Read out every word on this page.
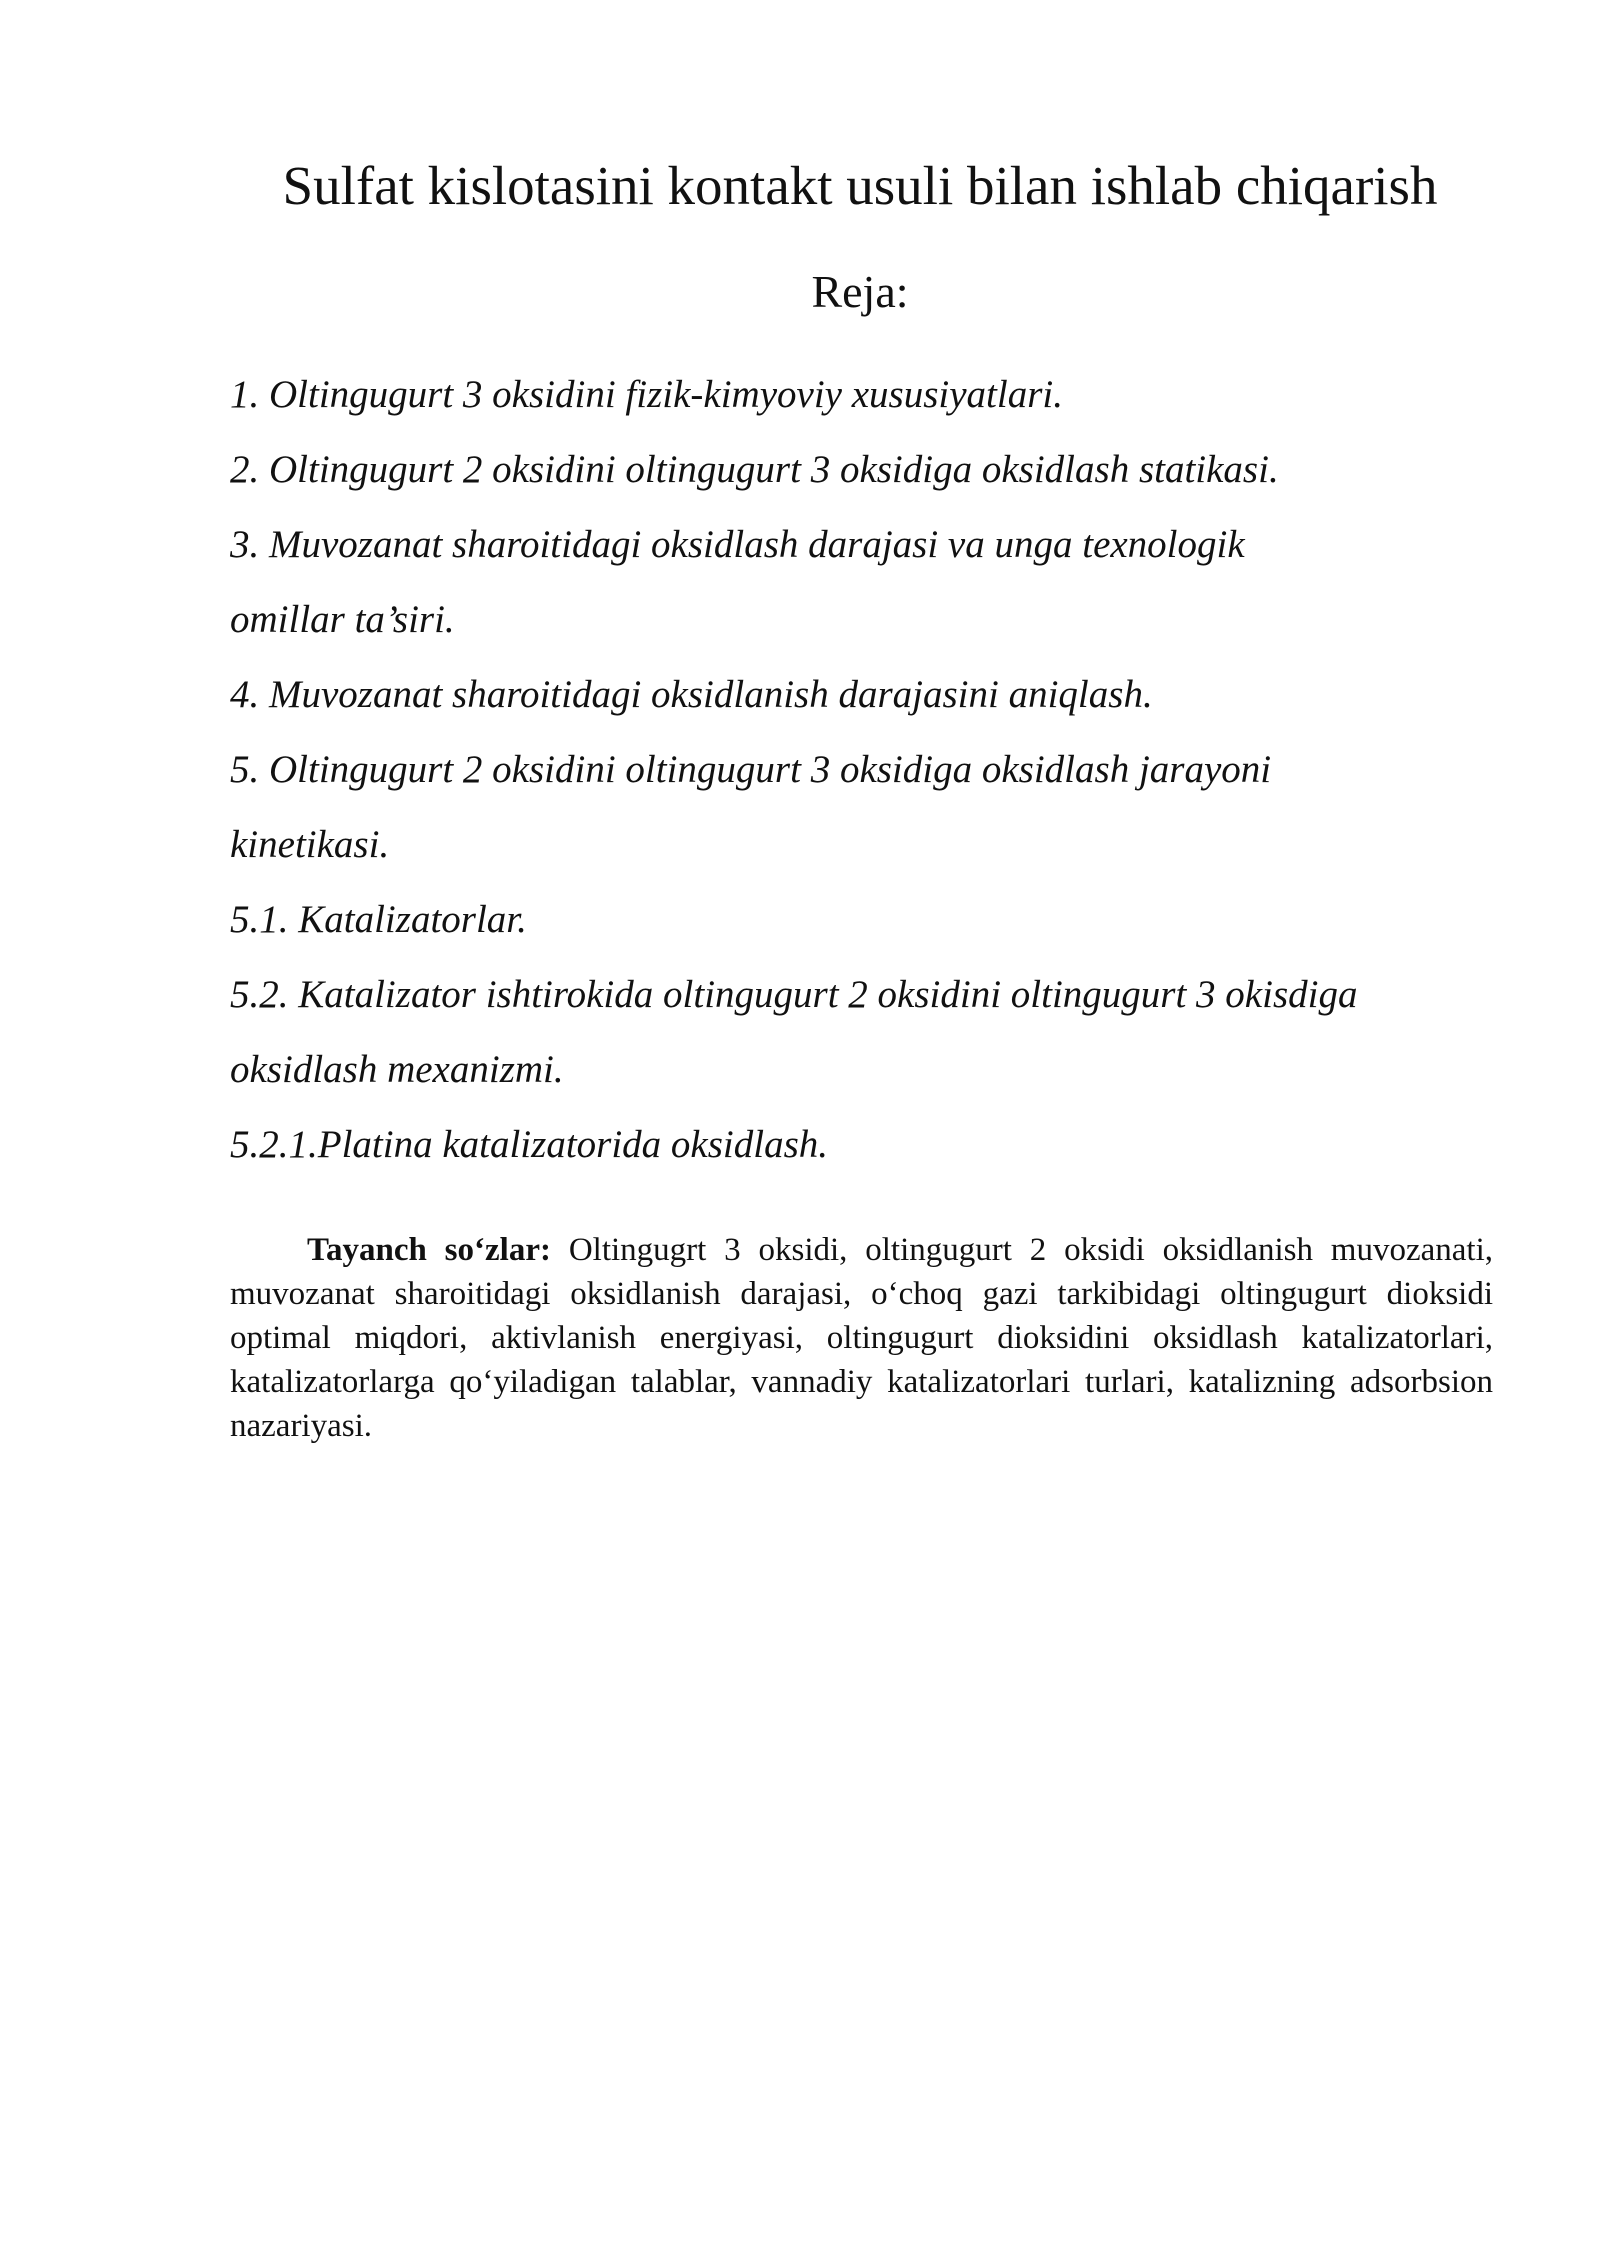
Sulfat kislotasini kontakt usuli bilan ishlab chiqarish
Reja:
1. Oltingugurt 3 oksidini fizik-kimyoviy xususiyatlari.
2. Oltingugurt 2 oksidini oltingugurt 3 oksidiga oksidlash statikasi.
3. Muvozanat sharoitidagi oksidlash darajasi va unga texnologik
omillar ta’siri.
4. Muvozanat sharoitidagi oksidlanish darajasini aniqlash.
5. Oltingugurt 2 oksidini oltingugurt 3 oksidiga oksidlash jarayoni
kinetikasi.
5.1. Katalizatorlar.
5.2. Katalizator ishtirokida oltingugurt 2 oksidini oltingugurt 3 okisdiga
oksidlash mexanizmi.
5.2.1.Platina katalizatorida oksidlash.

Tayanch so‘zlar: Oltingugrt 3 oksidi, oltingugurt 2 oksidi oksidlanish muvozanati, muvozanat sharoitidagi oksidlanish darajasi, o‘choq gazi tarkibidagi oltingugurt dioksidi optimal miqdori, aktivlanish energiyasi, oltingugurt dioksidini oksidlash katalizatorlari, katalizatorlarga qo‘yiladigan talablar, vannadiy katalizatorlari turlari, katalizning adsorbsion nazariyasi.
